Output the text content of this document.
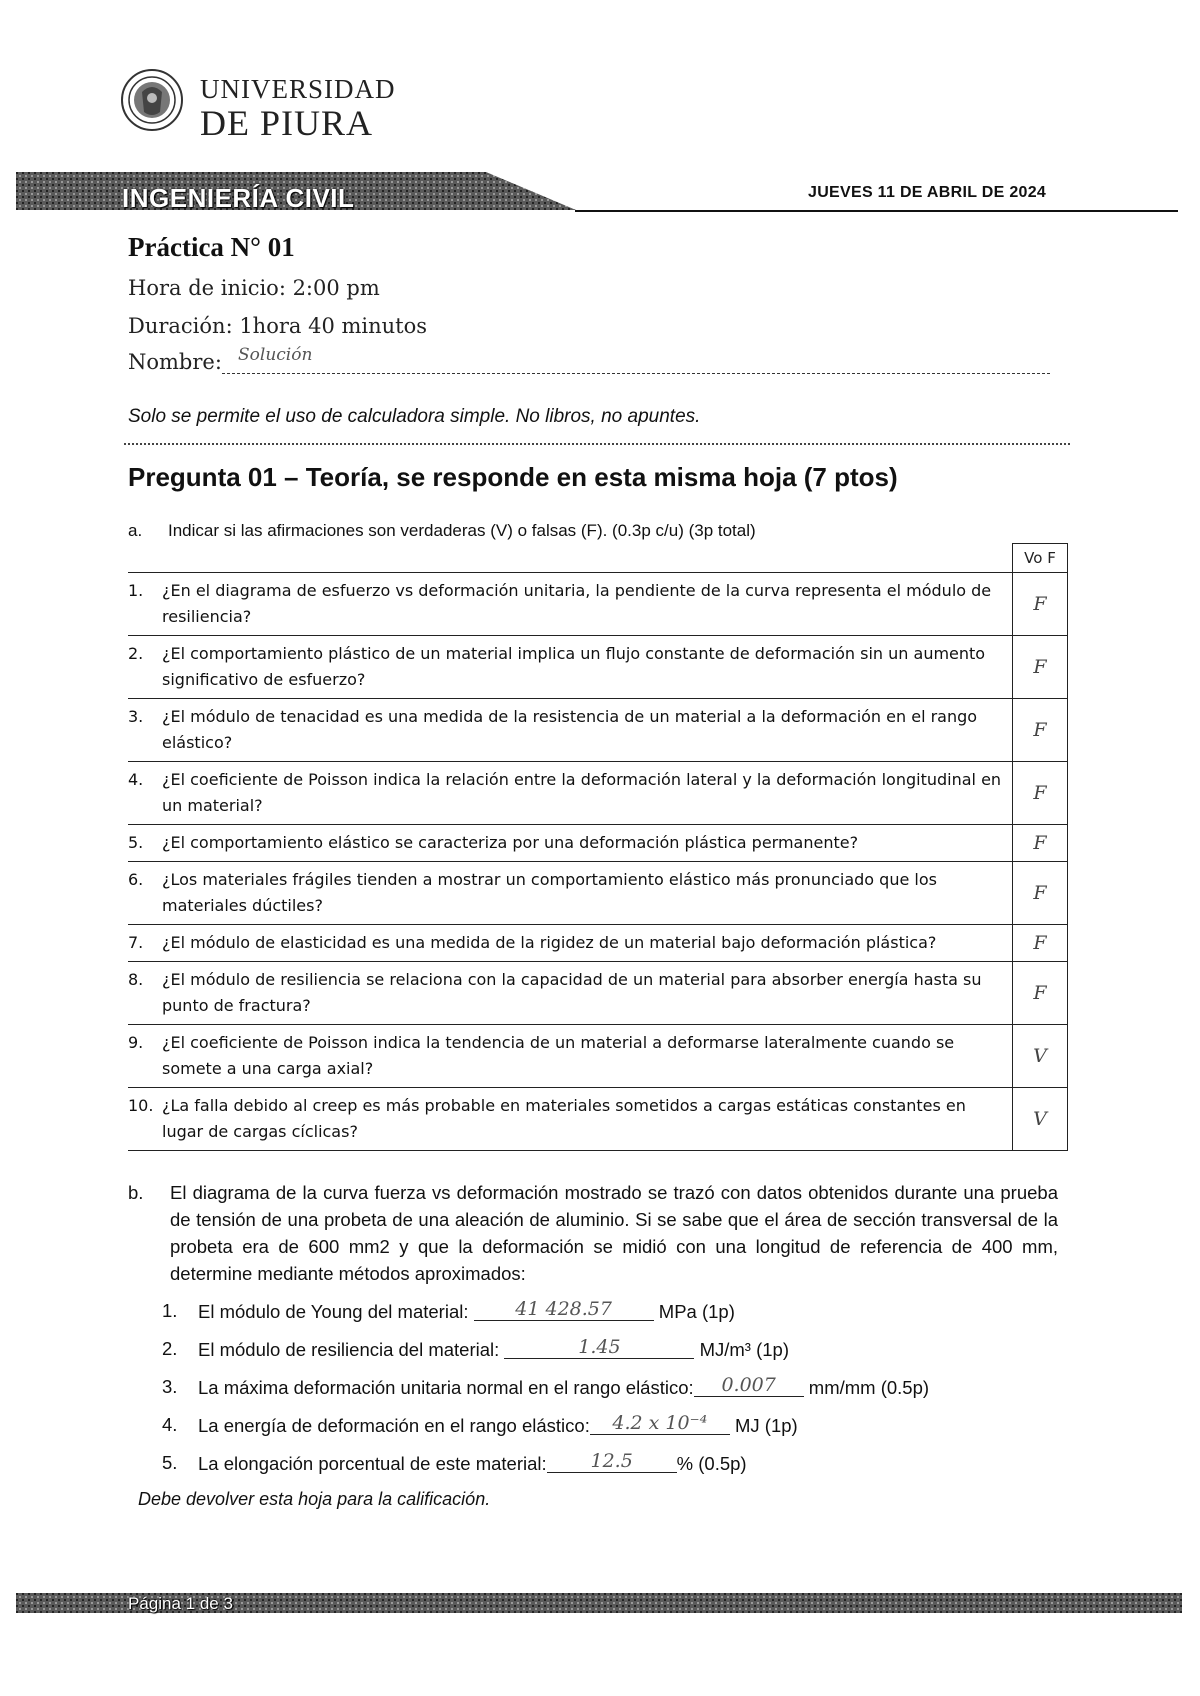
UNIVERSIDAD
DE PIURA
INGENIERÍA CIVIL	JUEVES 11 DE ABRIL DE 2024
Práctica N° 01
Hora de inicio: 2:00 pm
Duración: 1hora 40 minutos
Nombre: Solución
Solo se permite el uso de calculadora simple. No libros, no apuntes.
Pregunta 01 – Teoría, se responde en esta misma hoja (7 ptos)
a. Indicar si las afirmaciones son verdaderas (V) o falsas (F). (0.3p c/u) (3p total)
		Vo F
1.	¿En el diagrama de esfuerzo vs deformación unitaria, la pendiente de la curva representa el módulo de resiliencia?	F
2.	¿El comportamiento plástico de un material implica un flujo constante de deformación sin un aumento significativo de esfuerzo?	F
3.	¿El módulo de tenacidad es una medida de la resistencia de un material a la deformación en el rango elástico?	F
4.	¿El coeficiente de Poisson indica la relación entre la deformación lateral y la deformación longitudinal en un material?	F
5.	¿El comportamiento elástico se caracteriza por una deformación plástica permanente?	F
6.	¿Los materiales frágiles tienden a mostrar un comportamiento elástico más pronunciado que los materiales dúctiles?	F
7.	¿El módulo de elasticidad es una medida de la rigidez de un material bajo deformación plástica?	F
8.	¿El módulo de resiliencia se relaciona con la capacidad de un material para absorber energía hasta su punto de fractura?	F
9.	¿El coeficiente de Poisson indica la tendencia de un material a deformarse lateralmente cuando se somete a una carga axial?	V
10.	¿La falla debido al creep es más probable en materiales sometidos a cargas estáticas constantes en lugar de cargas cíclicas?	V
b. El diagrama de la curva fuerza vs deformación mostrado se trazó con datos obtenidos durante una prueba de tensión de una probeta de una aleación de aluminio. Si se sabe que el área de sección transversal de la probeta era de 600 mm2 y que la deformación se midió con una longitud de referencia de 400 mm, determine mediante métodos aproximados:
1. El módulo de Young del material: 41 428.57	MPa (1p)
2. El módulo de resiliencia del material:	1.45	MJ/m³ (1p)
3. La máxima deformación unitaria normal en el rango elástico: 0.007 mm/mm (0.5p)
4. La energía de deformación en el rango elástico: 4.2 x 10⁻⁴ MJ (1p)
5. La elongación porcentual de este material: 12.5 % (0.5p)
Debe devolver esta hoja para la calificación.
Página 1 de 3
